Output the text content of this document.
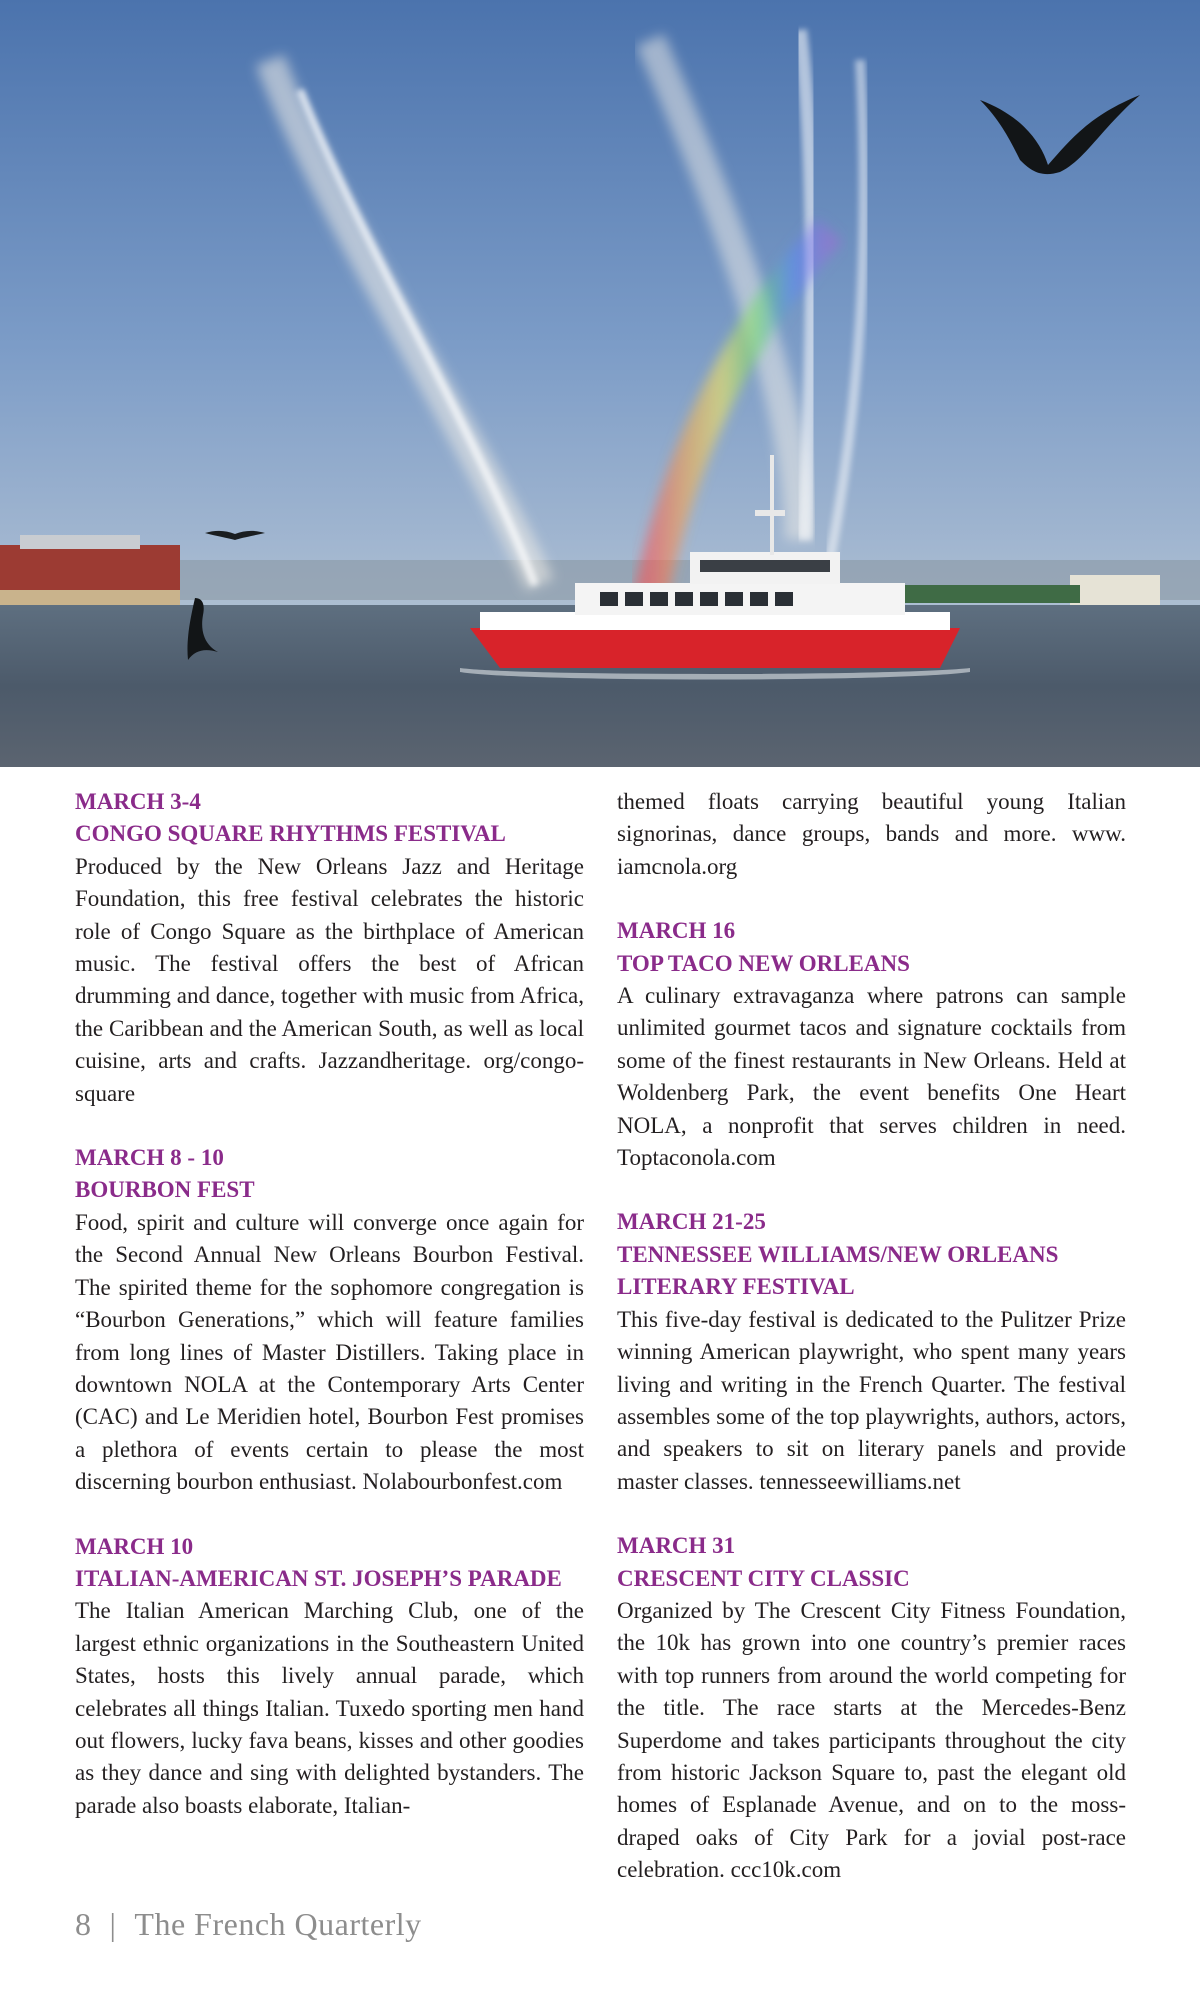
MARCH 3-4

CONGO SQUARE RHYTHMS FESTIVAL

Produced by the New Orleans Jazz and Heritage Foundation, this free festival celebrates the historic role of Congo Square as the birthplace of American music. The festival offers the best of African drumming and dance, together with music from Africa, the Caribbean and the American South, as well as local cuisine, arts and crafts. Jazzandheritage. org/congo-square

MARCH 8 - 10

BOURBON FEST

Food, spirit and culture will converge once again for the Second Annual New Orleans Bourbon Festival. The spirited theme for the sophomore congregation is “Bourbon Generations,” which will feature families from long lines of Master Distillers. Taking place in downtown NOLA at the Contemporary Arts Center (CAC) and Le Meridien hotel, Bourbon Fest promises a plethora of events certain to please the most discerning bourbon enthusiast. Nolabourbonfest.com

MARCH 10

ITALIAN-AMERICAN ST. JOSEPH’S PARADE

The Italian American Marching Club, one of the largest ethnic organizations in the Southeastern United States, hosts this lively annual parade, which celebrates all things Italian. Tuxedo sporting men hand out flowers, lucky fava beans, kisses and other goodies as they dance and sing with delighted bystanders. The parade also boasts elaborate, Italian-

themed floats carrying beautiful young Italian signorinas, dance groups, bands and more. www. iamcnola.org

MARCH 16

TOP TACO NEW ORLEANS

A culinary extravaganza where patrons can sample unlimited gourmet tacos and signature cocktails from some of the finest restaurants in New Orleans. Held at Woldenberg Park, the event benefits One Heart NOLA, a nonprofit that serves children in need. Toptaconola.com

MARCH 21-25

TENNESSEE WILLIAMS/NEW ORLEANS LITERARY FESTIVAL

This five-day festival is dedicated to the Pulitzer Prize winning American playwright, who spent many years living and writing in the French Quarter. The festival assembles some of the top playwrights, authors, actors, and speakers to sit on literary panels and provide master classes. tennesseewilliams.net

MARCH 31

CRESCENT CITY CLASSIC

Organized by The Crescent City Fitness Foundation, the 10k has grown into one country’s premier races with top runners from around the world competing for the title. The race starts at the Mercedes-Benz Superdome and takes participants throughout the city from historic Jackson Square to, past the elegant old homes of Esplanade Avenue, and on to the moss-draped oaks of City Park for a jovial post-race celebration. ccc10k.com

8 | The French Quarterly
